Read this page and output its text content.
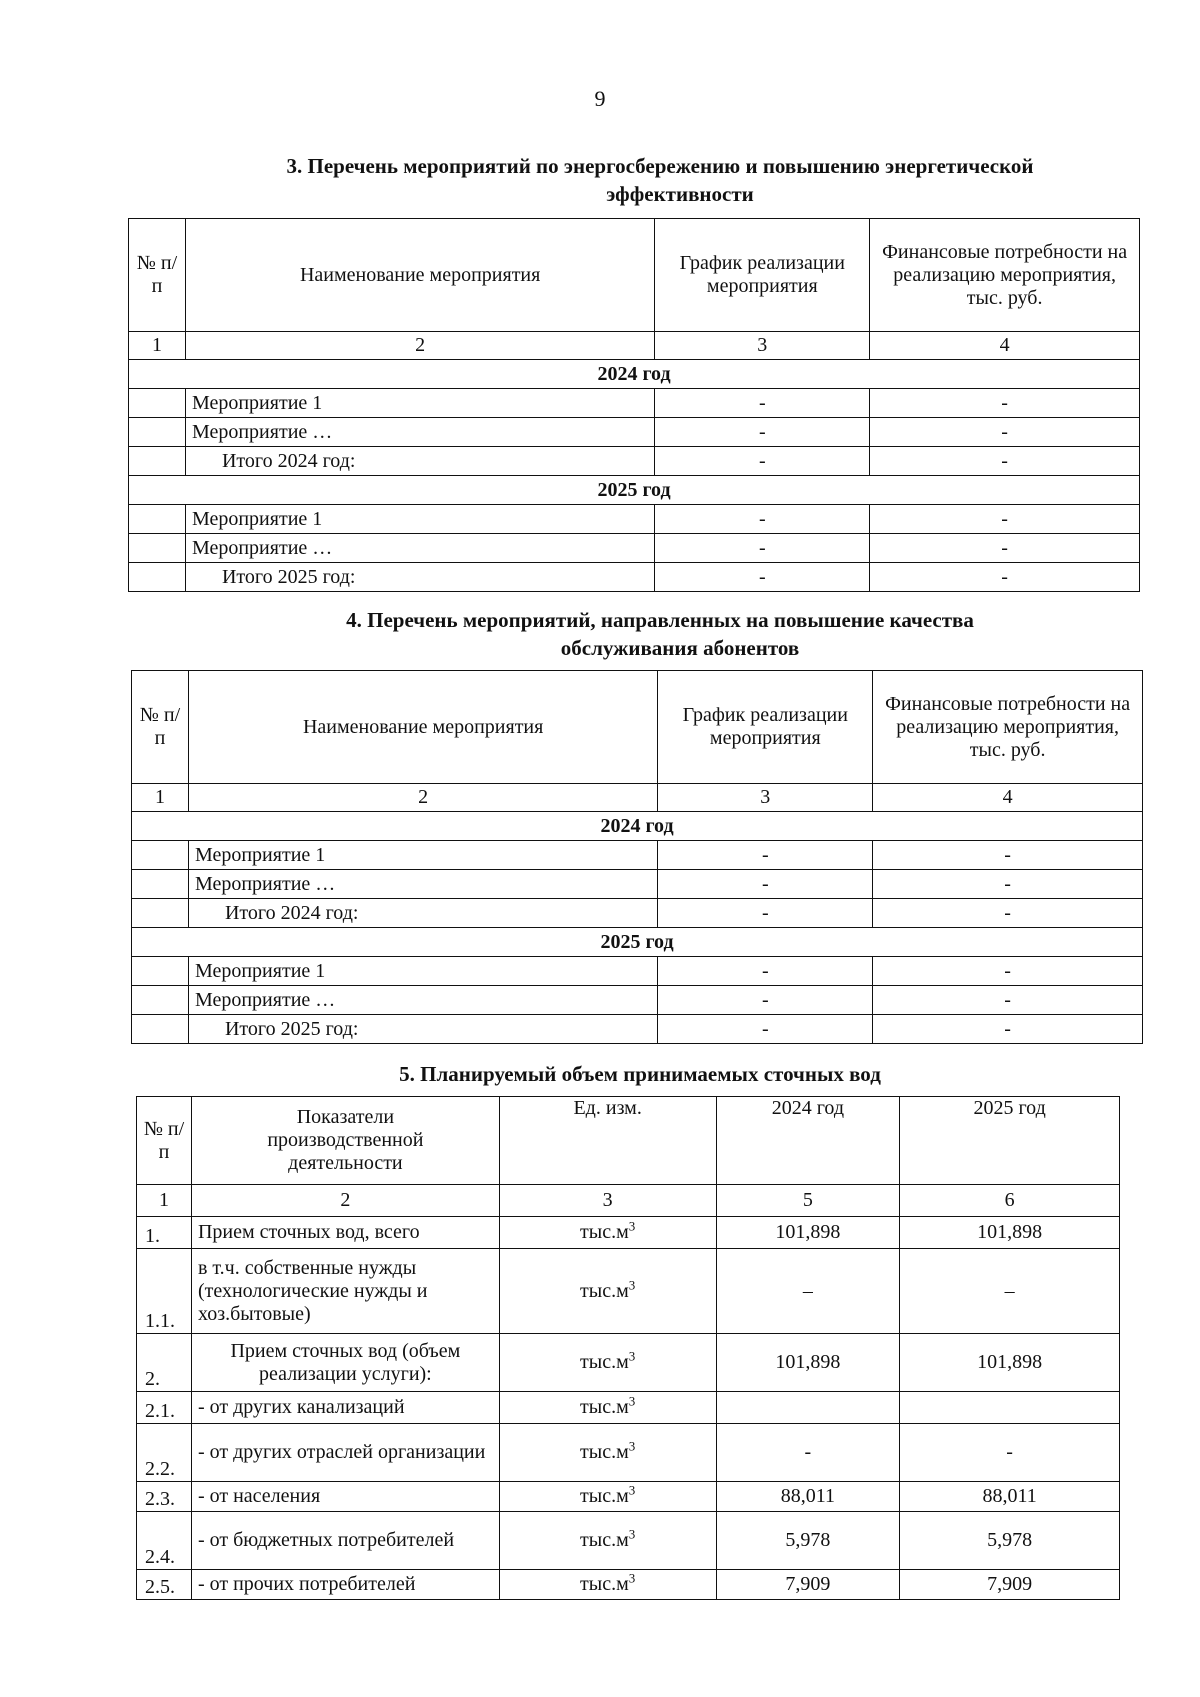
9
3. Перечень мероприятий по энергосбережению и повышению энергетической
эффективности
№ п/п	Наименование мероприятия	График реализации мероприятия	Финансовые потребности на реализацию мероприятия, тыс. руб.
1	2	3	4
2024 год			
	Мероприятие 1	-	-
	Мероприятие …	-	-
	Итого 2024 год:	-	-
2025 год			
	Мероприятие 1	-	-
	Мероприятие …	-	-
	Итого 2025 год:	-	-
4. Перечень мероприятий, направленных на повышение качества
обслуживания абонентов
№ п/п	Наименование мероприятия	График реализации мероприятия	Финансовые потребности на реализацию мероприятия, тыс. руб.
1	2	3	4
2024 год			
	Мероприятие 1	-	-
	Мероприятие …	-	-
	Итого 2024 год:	-	-
2025 год			
	Мероприятие 1	-	-
	Мероприятие …	-	-
	Итого 2025 год:	-	-
5. Планируемый объем принимаемых сточных вод
№ п/п	Показатели производственной деятельности	Ед. изм.	2024 год	2025 год
1	2	3	5	6
1.	Прием сточных вод, всего	$тыс.м^3$	101,898	101,898
1.1.	в т.ч. собственные нужды (технологические нужды и хоз.бытовые)	$тыс.м^3$	–	–
2.	Прием сточных вод (объем реализации услуги):	$тыс.м^3$	101,898	101,898
2.1.	- от других канализаций	$тыс.м^3$		
2.2.	- от других отраслей организации	$тыс.м^3$	-	-
2.3.	- от населения	$тыс.м^3$	88,011	88,011
2.4.	- от бюджетных потребителей	$тыс.м^3$	5,978	5,978
2.5.	- от прочих потребителей	$тыс.м^3$	7,909	7,909
